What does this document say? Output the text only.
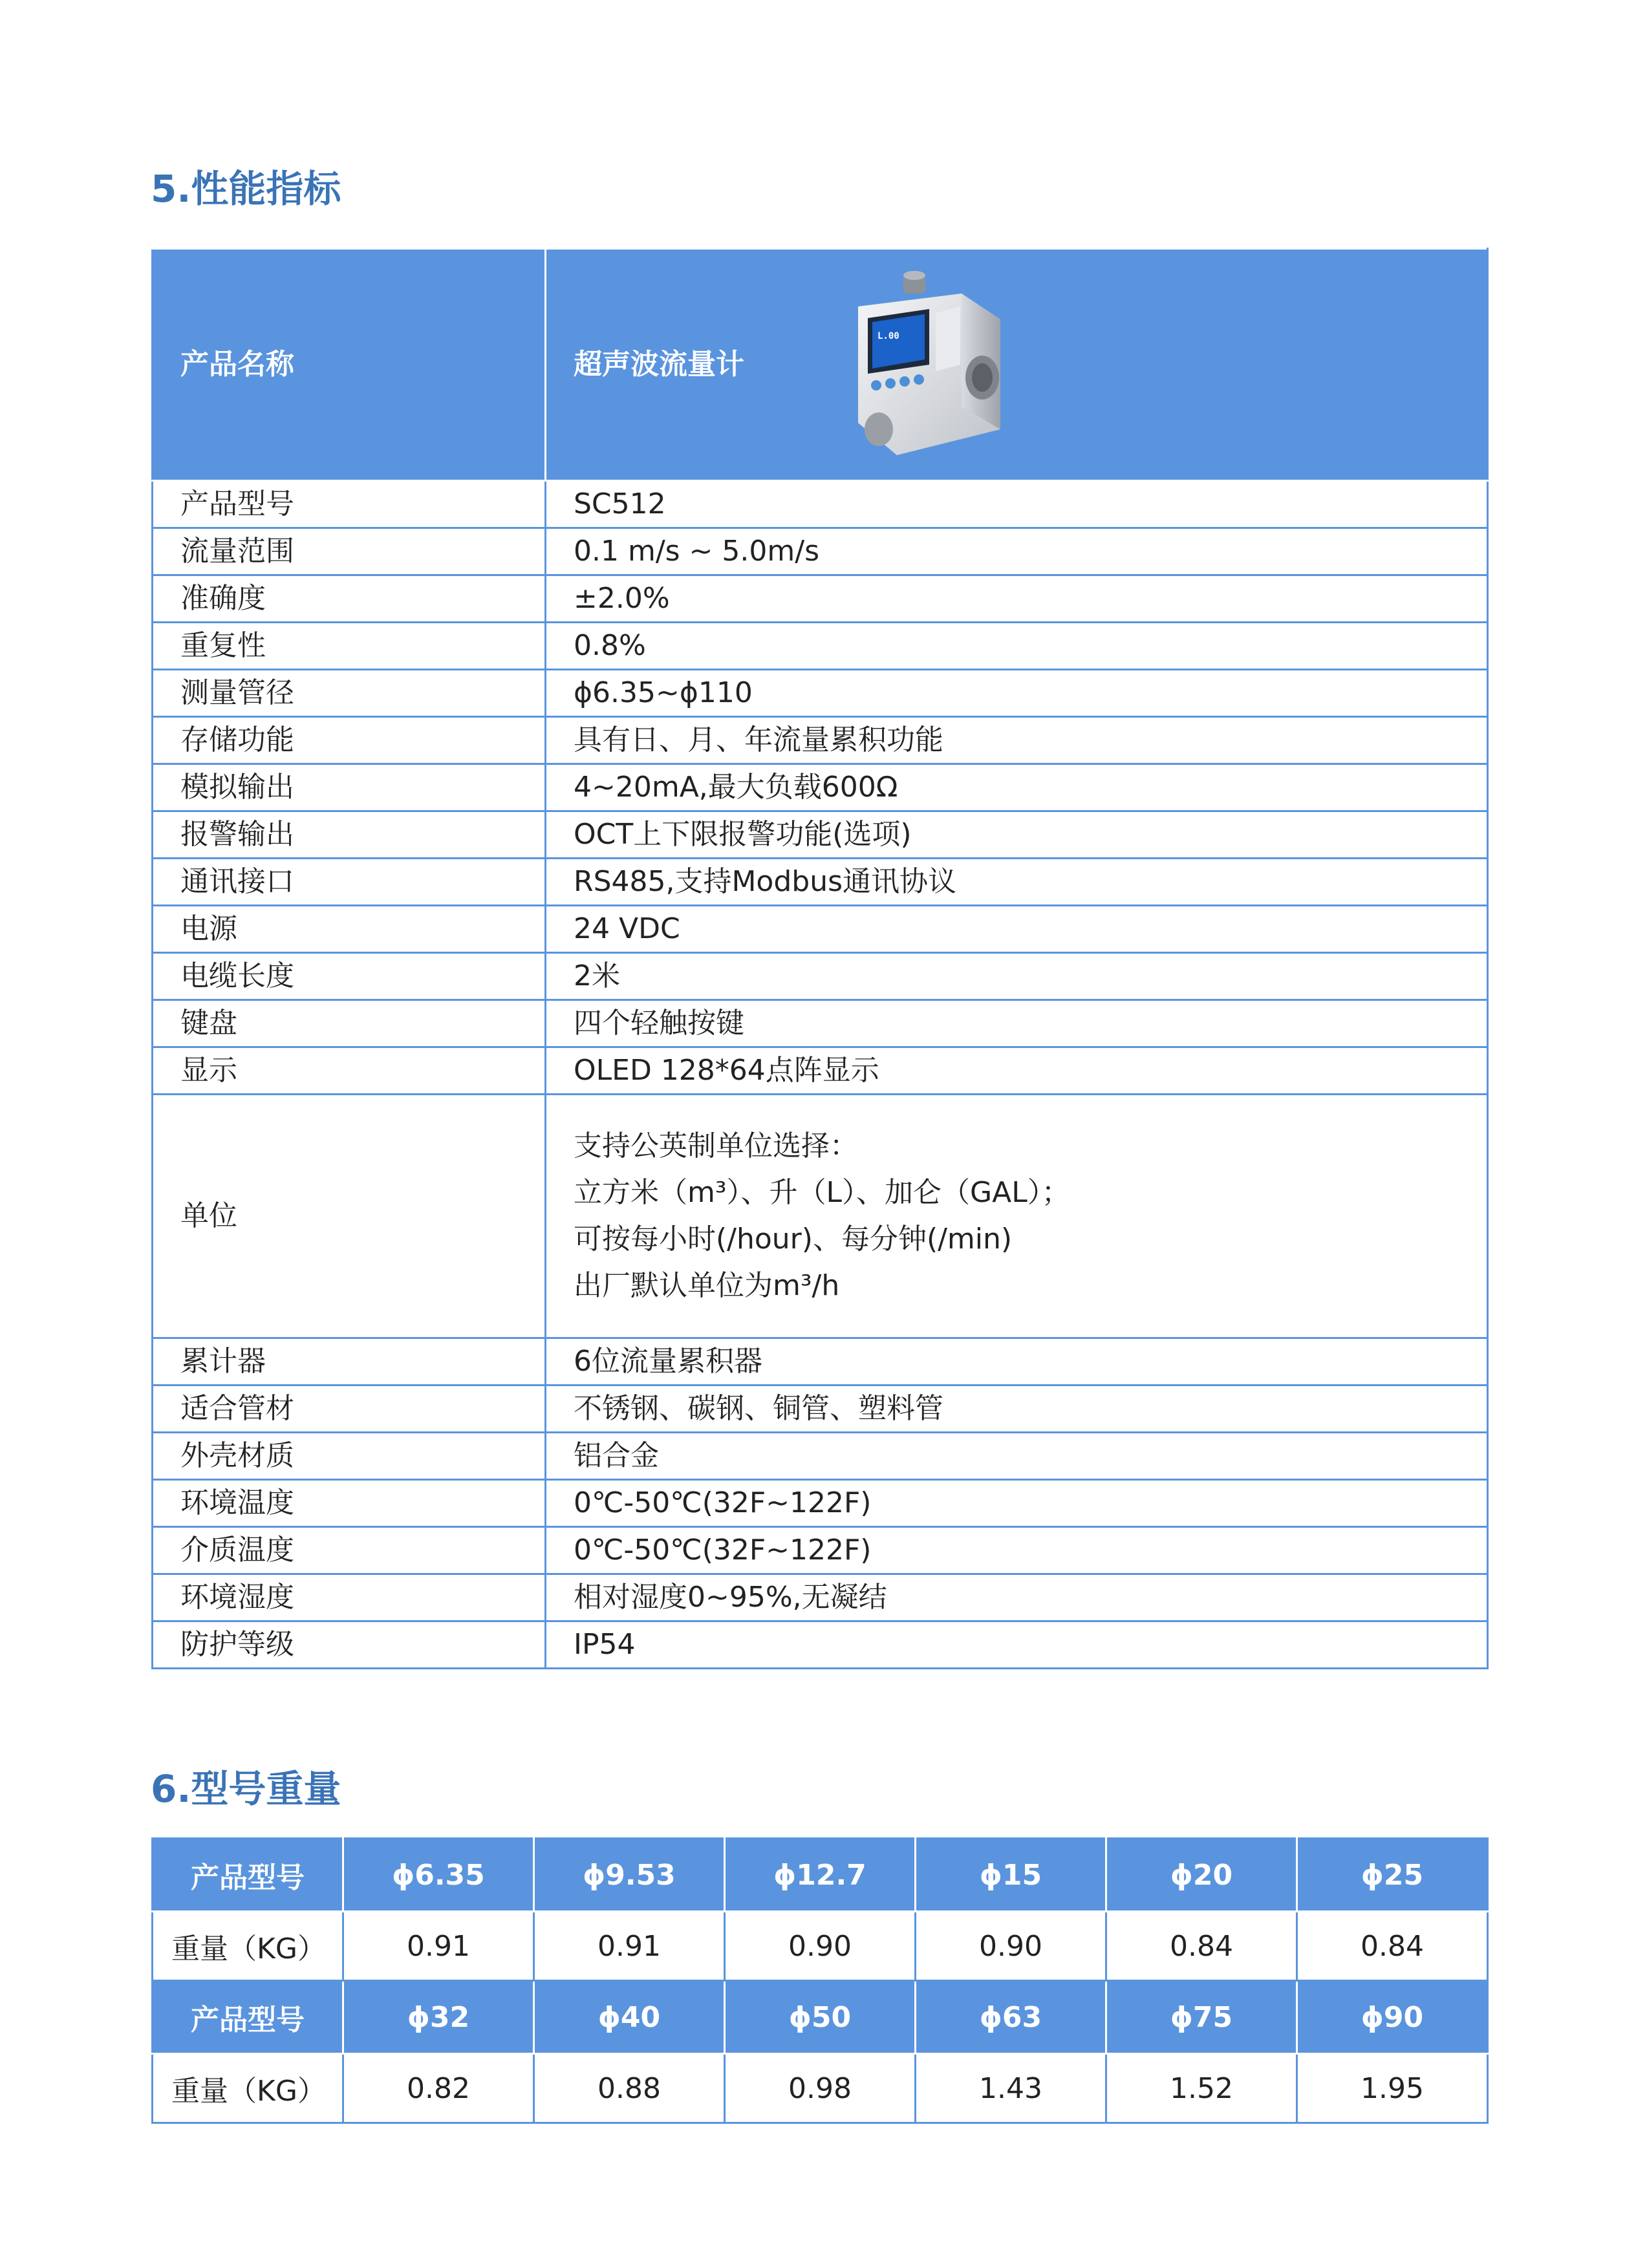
5.性能指标
产品名称	超声波流量计
L.00

产品型号	SC512
流量范围	0.1 m/s ~ 5.0m/s
准确度	±2.0%
重复性	0.8%
测量管径	ϕ6.35~ϕ110
存储功能	具有日、月、年流量累积功能
模拟输出	4~20mA,最大负载600Ω
报警输出	OCT上下限报警功能(选项)
通讯接口	RS485,支持Modbus通讯协议
电源	24 VDC
电缆长度	2米
键盘	四个轻触按键
显示	OLED 128*64点阵显示
单位	支持公英制单位选择：
立方米（m³）、升（L）、加仑（GAL）；
可按每小时(/hour)、每分钟(/min)
出厂默认单位为m³/h

累计器	6位流量累积器
适合管材	不锈钢、碳钢、铜管、塑料管
外壳材质	铝合金
环境温度	0℃-50℃(32F~122F)
介质温度	0℃-50℃(32F~122F)
环境湿度	相对湿度0~95%,无凝结
防护等级	IP54
6.型号重量
产品型号	ϕ6.35	ϕ9.53	ϕ12.7	ϕ15	ϕ20	ϕ25
重量（KG）	0.91	0.91	0.90	0.90	0.84	0.84
产品型号	ϕ32	ϕ40	ϕ50	ϕ63	ϕ75	ϕ90
重量（KG）	0.82	0.88	0.98	1.43	1.52	1.95
